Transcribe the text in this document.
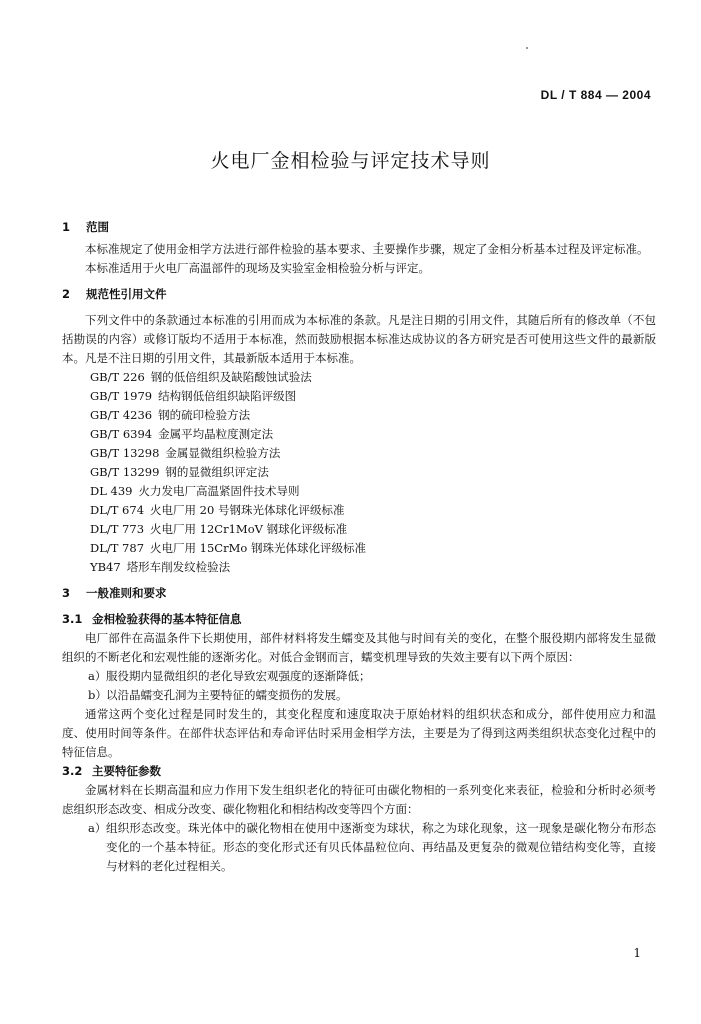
DL / T 884 — 2004
火电厂金相检验与评定技术导则
1 范围

本标准规定了使用金相学方法进行部件检验的基本要求、主要操作步骤，规定了金相分析基本过程及评定标准。

本标准适用于火电厂高温部件的现场及实验室金相检验分析与评定。

2 规范性引用文件

下列文件中的条款通过本标准的引用而成为本标准的条款。凡是注日期的引用文件，其随后所有的修改单（不包括勘误的内容）或修订版均不适用于本标准，然而鼓励根据本标准达成协议的各方研究是否可使用这些文件的最新版本。凡是不注日期的引用文件，其最新版本适用于本标准。

GB/T 226 钢的低倍组织及缺陷酸蚀试验法
GB/T 1979 结构钢低倍组织缺陷评级图
GB/T 4236 钢的硫印检验方法
GB/T 6394 金属平均晶粒度测定法
GB/T 13298 金属显微组织检验方法
GB/T 13299 钢的显微组织评定法
DL 439 火力发电厂高温紧固件技术导则
DL/T 674 火电厂用 20 号钢珠光体球化评级标准
DL/T 773 火电厂用 12Cr1MoV 钢球化评级标准
DL/T 787 火电厂用 15CrMo 钢珠光体球化评级标准
YB47 塔形车削发纹检验法
3 一般准则和要求
3.1 金相检验获得的基本特征信息

电厂部件在高温条件下长期使用，部件材料将发生蠕变及其他与时间有关的变化，在整个服役期内部将发生显微组织的不断老化和宏观性能的逐渐劣化。对低合金钢而言，蠕变机理导致的失效主要有以下两个原因：

a） 服役期内显微组织的老化导致宏观强度的逐渐降低；

b） 以沿晶蠕变孔洞为主要特征的蠕变损伤的发展。

通常这两个变化过程是同时发生的，其变化程度和速度取决于原始材料的组织状态和成分，部件使用应力和温度、使用时间等条件。在部件状态评估和寿命评估时采用金相学方法，主要是为了得到这两类组织状态变化过程中的特征信息。

3.2 主要特征参数

金属材料在长期高温和应力作用下发生组织老化的特征可由碳化物相的一系列变化来表征，检验和分析时必须考虑组织形态改变、相成分改变、碳化物粗化和相结构改变等四个方面：

a） 组织形态改变。珠光体中的碳化物相在使用中逐渐变为球状，称之为球化现象，这一现象是碳化物分布形态变化的一个基本特征。形态的变化形式还有贝氏体晶粒位向、再结晶及更复杂的微观位错结构变化等，直接与材料的老化过程相关。

1
